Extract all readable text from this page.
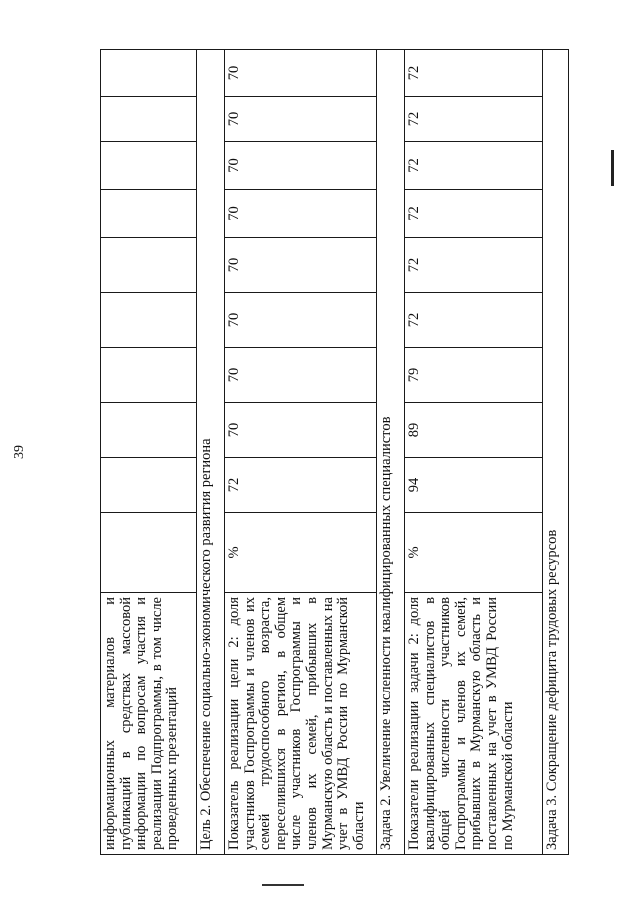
39
информационных материалов и публикаций в средствах массовой информации по вопросам участия и реализации Подпрограммы, в том числе проведенных презентаций										
Цель 2. Обеспечение социально-экономического развития региона										
Показатель реализации цели 2: доля участников Госпрограммы и членов их семей трудоспособного возраста, переселившихся в регион, в общем числе участников Госпрограммы и членов их семей, прибывших в Мурманскую область и поставленных на учет в УМВД России по Мурманской области	%	72	70	70	70	70	70	70	70	70
Задача 2. Увеличение численности квалифицированных специалистов										
Показатели реализации задачи 2: доля квалифицированных специалистов в общей численности участников Госпрограммы и членов их семей, прибывших в Мурманскую область и поставленных на учет в УМВД России по Мурманской области	%	94	89	79	72	72	72	72	72	72
Задача 3. Сокращение дефицита трудовых ресурсов										
